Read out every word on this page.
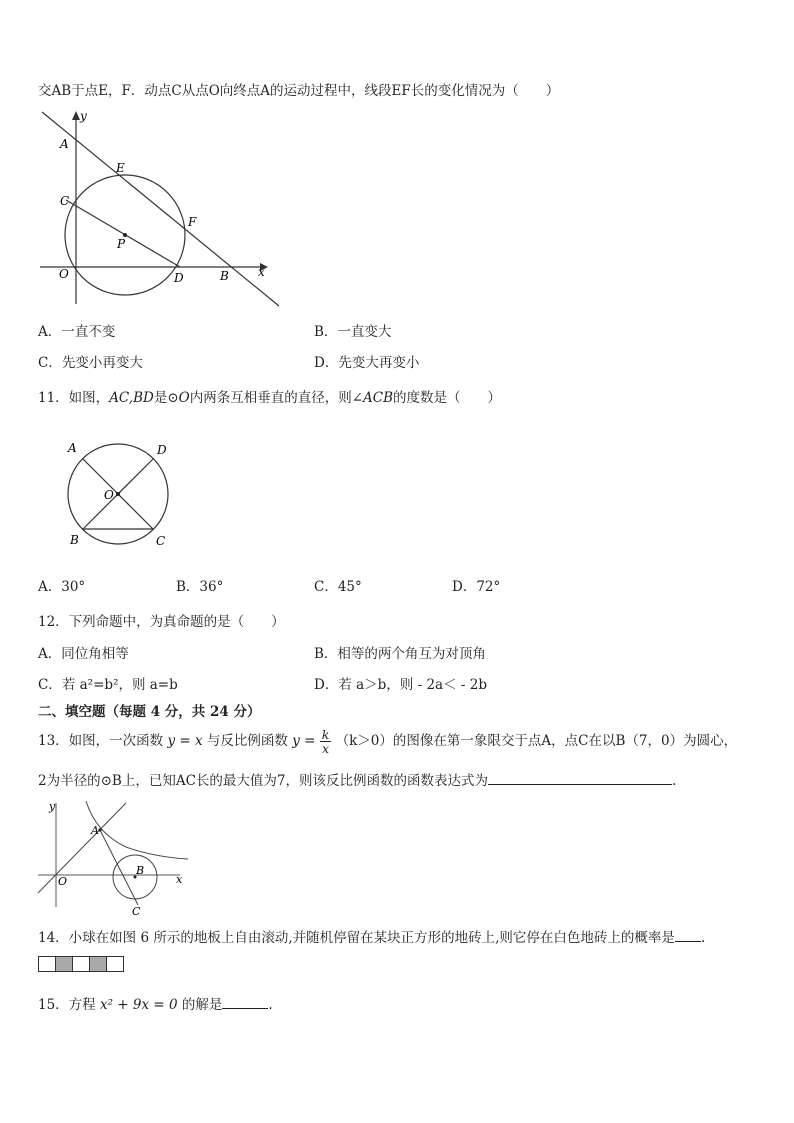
交AB于点E，F．动点C从点O向终点A的运动过程中，线段EF长的变化情况为（　　）
y
x
A
E
C
F
P
O	D	B
A．一直不变	B．一直变大
C．先变小再变大	D．先变大再变小
11．如图，AC,BD是⊙O内两条互相垂直的直径，则∠ACB的度数是（　　）
A	D
O
B	C
A．30°	B．36°	C．45°	D．72°
12．下列命题中，为真命题的是（　　）
A．同位角相等	B．相等的两个角互为对顶角
C．若 a²=b²，则 a=b	D．若 a＞b，则 - 2a＜ - 2b
二、填空题（每题 4 分，共 24 分）
13．如图，一次函数 y = x 与反比例函数 $y = \frac{k}{x} (k>0)$的图像在第一象限交于点A，点C在以B（7，0）为圆心，
2为半径的⊙B上，已知AC长的最大值为7，则该反比例函数的函数表达式为	.
y
A
B
O	x
C
14．小球在如图 6 所示的地板上自由滚动,并随机停留在某块正方形的地砖上,则它停在白色地砖上的概率是 .
15．方程 x² + 9x = 0 的解是	.
